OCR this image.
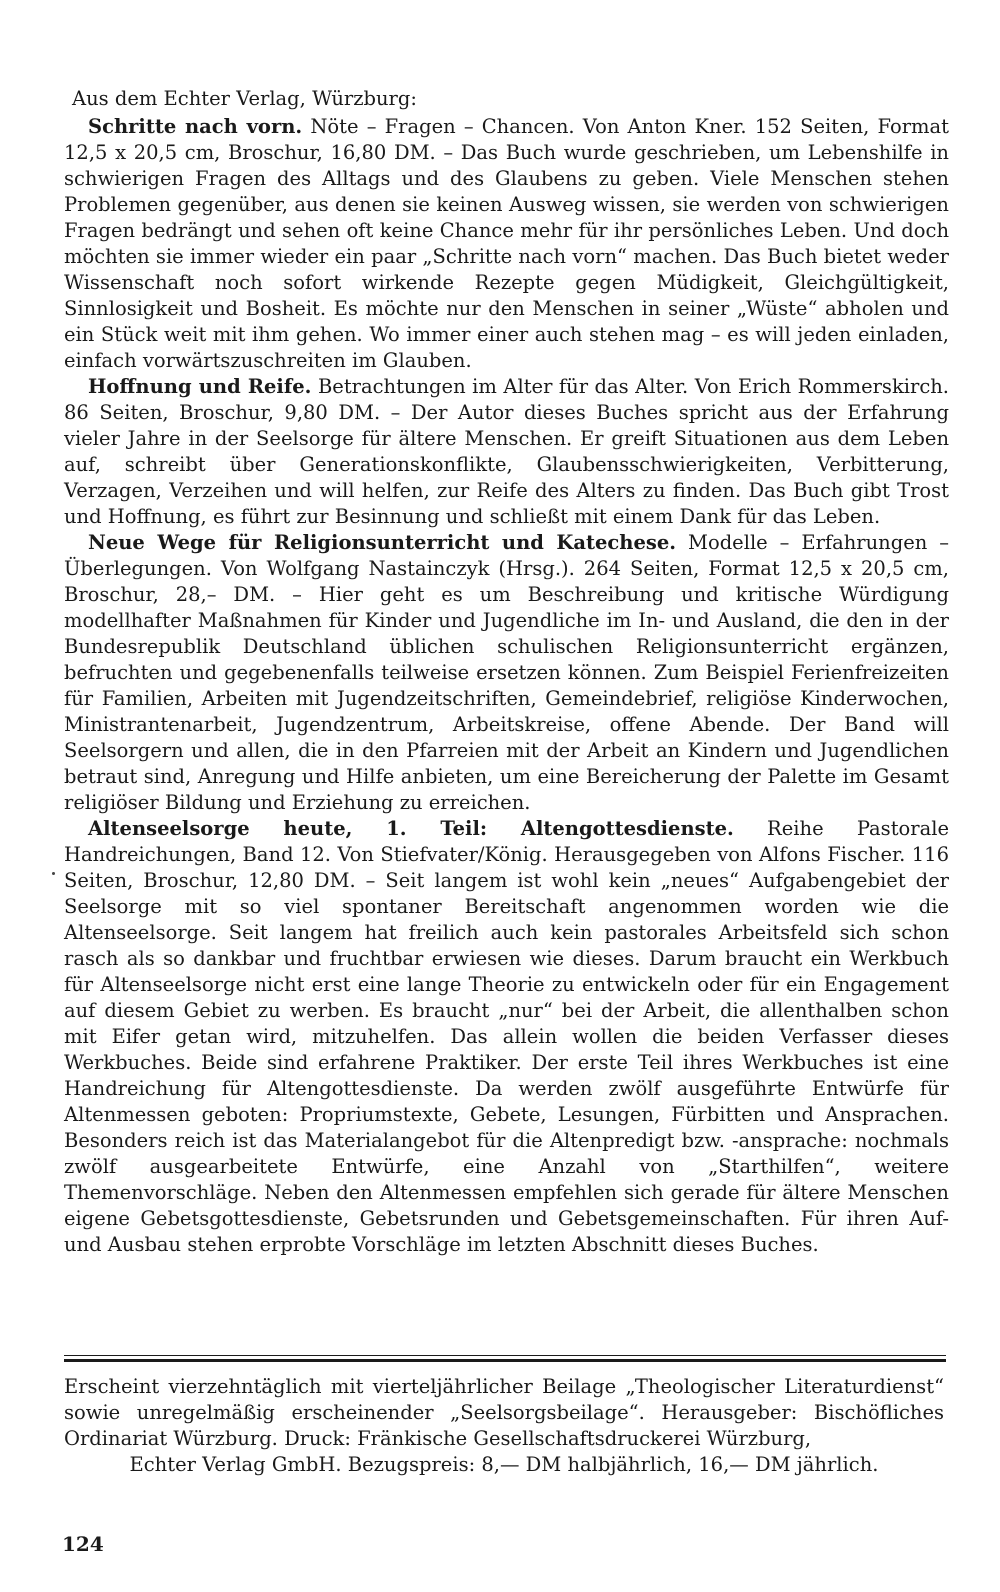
Aus dem Echter Verlag, Würzburg:

Schritte nach vorn. Nöte – Fragen – Chancen. Von Anton Kner. 152 Seiten, Format 12,5 x 20,5 cm, Broschur, 16,80 DM. – Das Buch wurde geschrieben, um Lebenshilfe in schwierigen Fragen des Alltags und des Glaubens zu geben. Viele Menschen stehen Problemen gegenüber, aus denen sie keinen Ausweg wissen, sie werden von schwierigen Fragen bedrängt und sehen oft keine Chance mehr für ihr persönliches Leben. Und doch möchten sie immer wieder ein paar „Schritte nach vorn“ machen. Das Buch bietet weder Wissenschaft noch sofort wirkende Rezepte gegen Müdigkeit, Gleichgültigkeit, Sinnlosigkeit und Bosheit. Es möchte nur den Menschen in seiner „Wüste“ abholen und ein Stück weit mit ihm gehen. Wo immer einer auch stehen mag – es will jeden einladen, einfach vorwärtszuschreiten im Glauben.

Hoffnung und Reife. Betrachtungen im Alter für das Alter. Von Erich Rommerskirch. 86 Seiten, Broschur, 9,80 DM. – Der Autor dieses Buches spricht aus der Erfahrung vieler Jahre in der Seelsorge für ältere Menschen. Er greift Situationen aus dem Leben auf, schreibt über Generationskonflikte, Glaubensschwierigkeiten, Verbitterung, Verzagen, Verzeihen und will helfen, zur Reife des Alters zu finden. Das Buch gibt Trost und Hoffnung, es führt zur Besinnung und schließt mit einem Dank für das Leben.

Neue Wege für Religionsunterricht und Katechese. Modelle – Erfahrungen – Überlegungen. Von Wolfgang Nastainczyk (Hrsg.). 264 Seiten, Format 12,5 x 20,5 cm, Broschur, 28,– DM. – Hier geht es um Beschreibung und kritische Würdigung modellhafter Maßnahmen für Kinder und Jugendliche im In- und Ausland, die den in der Bundesrepublik Deutschland üblichen schulischen Religionsunterricht ergänzen, befruchten und gegebenenfalls teilweise ersetzen können. Zum Beispiel Ferienfreizeiten für Familien, Arbeiten mit Jugendzeitschriften, Gemeindebrief, religiöse Kinderwochen, Ministrantenarbeit, Jugendzentrum, Arbeitskreise, offene Abende. Der Band will Seelsorgern und allen, die in den Pfarreien mit der Arbeit an Kindern und Jugendlichen betraut sind, Anregung und Hilfe anbieten, um eine Bereicherung der Palette im Gesamt religiöser Bildung und Erziehung zu erreichen.

Altenseelsorge heute, 1. Teil: Altengottesdienste. Reihe Pastorale Handreichungen, Band 12. Von Stiefvater/König. Herausgegeben von Alfons Fischer. 116 Seiten, Broschur, 12,80 DM. – Seit langem ist wohl kein „neues“ Aufgabengebiet der Seelsorge mit so viel spontaner Bereitschaft angenommen worden wie die Altenseelsorge. Seit langem hat freilich auch kein pastorales Arbeitsfeld sich schon rasch als so dankbar und fruchtbar erwiesen wie dieses. Darum braucht ein Werkbuch für Altenseelsorge nicht erst eine lange Theorie zu entwickeln oder für ein Engagement auf diesem Gebiet zu werben. Es braucht „nur“ bei der Arbeit, die allenthalben schon mit Eifer getan wird, mitzuhelfen. Das allein wollen die beiden Verfasser dieses Werkbuches. Beide sind erfahrene Praktiker. Der erste Teil ihres Werkbuches ist eine Handreichung für Altengottesdienste. Da werden zwölf ausgeführte Entwürfe für Altenmessen geboten: Propriumstexte, Gebete, Lesungen, Fürbitten und Ansprachen. Besonders reich ist das Materialangebot für die Altenpredigt bzw. -ansprache: nochmals zwölf ausgearbeitete Entwürfe, eine Anzahl von „Starthilfen“, weitere Themenvorschläge. Neben den Altenmessen empfehlen sich gerade für ältere Menschen eigene Gebetsgottesdienste, Gebetsrunden und Gebetsgemeinschaften. Für ihren Auf- und Ausbau stehen erprobte Vorschläge im letzten Abschnitt dieses Buches.

Erscheint vierzehntäglich mit vierteljährlicher Beilage „Theologischer Literaturdienst“ sowie unregelmäßig erscheinender „Seelsorgsbeilage“. Herausgeber: Bischöfliches Ordinariat Würzburg. Druck: Fränkische Gesellschaftsdruckerei Würzburg,
Echter Verlag GmbH. Bezugspreis: 8,— DM halbjährlich, 16,— DM jährlich.

124
